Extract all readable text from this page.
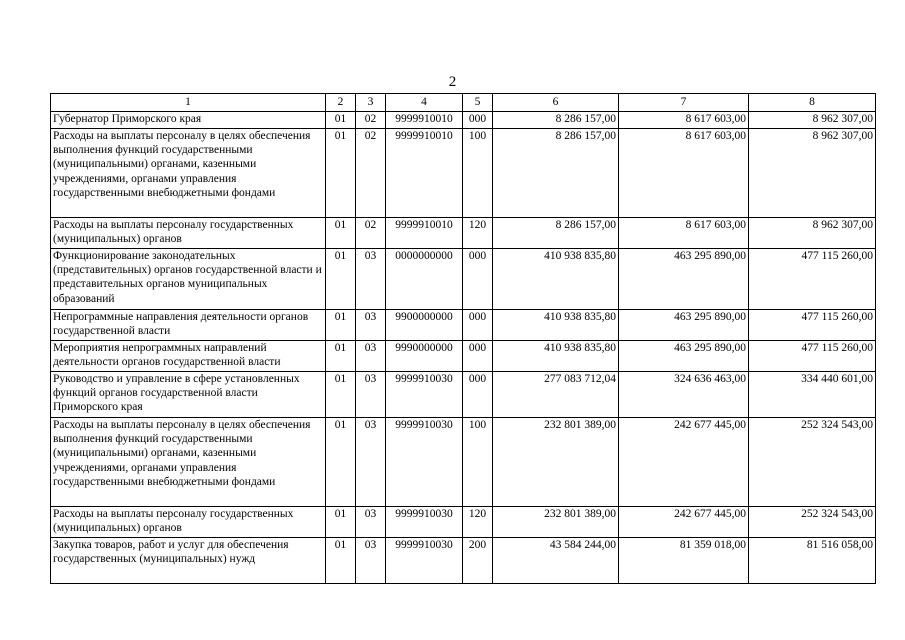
2
1	2	3	4	5	6	7	8
Губернатор Приморского края	01	02	9999910010	000	8 286 157,00	8 617 603,00	8 962 307,00
Расходы на выплаты персоналу в целях обеспечения выполнения функций государственными (муниципальными) органами, казенными учреждениями, органами управления государственными внебюджетными фондами	01	02	9999910010	100	8 286 157,00	8 617 603,00	8 962 307,00
Расходы на выплаты персоналу государственных (муниципальных) органов	01	02	9999910010	120	8 286 157,00	8 617 603,00	8 962 307,00
Функционирование законодательных (представительных) органов государственной власти и представительных органов муниципальных образований	01	03	0000000000	000	410 938 835,80	463 295 890,00	477 115 260,00
Непрограммные направления деятельности органов государственной власти	01	03	9900000000	000	410 938 835,80	463 295 890,00	477 115 260,00
Мероприятия непрограммных направлений деятельности органов государственной власти	01	03	9990000000	000	410 938 835,80	463 295 890,00	477 115 260,00
Руководство и управление в сфере установленных функций органов государственной власти Приморского края	01	03	9999910030	000	277 083 712,04	324 636 463,00	334 440 601,00
Расходы на выплаты персоналу в целях обеспечения выполнения функций государственными (муниципальными) органами, казенными учреждениями, органами управления государственными внебюджетными фондами	01	03	9999910030	100	232 801 389,00	242 677 445,00	252 324 543,00
Расходы на выплаты персоналу государственных (муниципальных) органов	01	03	9999910030	120	232 801 389,00	242 677 445,00	252 324 543,00
Закупка товаров, работ и услуг для обеспечения государственных (муниципальных) нужд	01	03	9999910030	200	43 584 244,00	81 359 018,00	81 516 058,00
